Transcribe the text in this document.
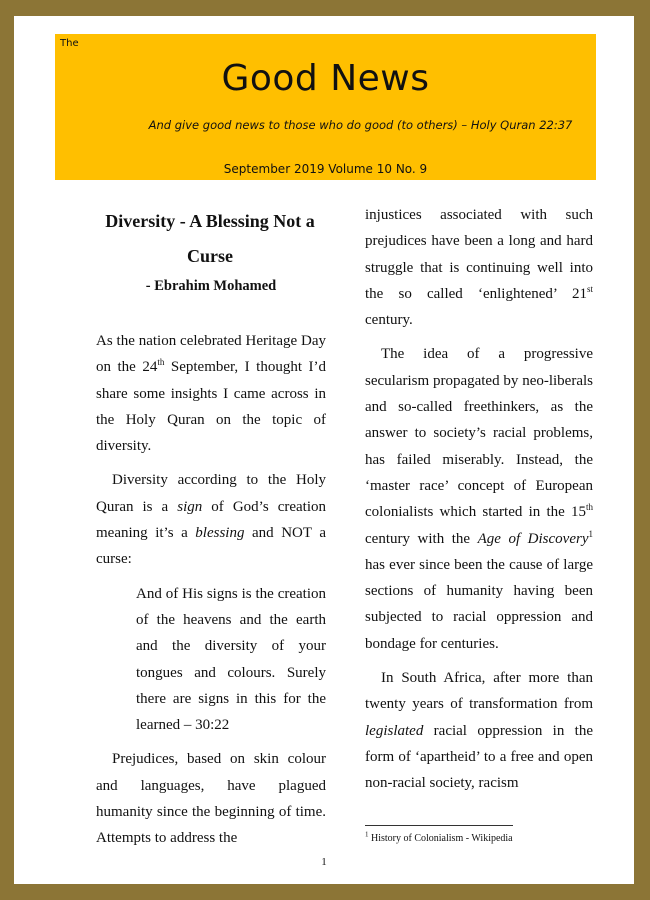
The
Good News
And give good news to those who do good (to others) – Holy Quran 22:37
September 2019 Volume 10 No. 9
Diversity - A Blessing Not a Curse
- Ebrahim Mohamed

As the nation celebrated Heritage Day on the 24th September, I thought I’d share some insights I came across in the Holy Quran on the topic of diversity.

Diversity according to the Holy Quran is a sign of God’s creation meaning it’s a blessing and NOT a curse:

And of His signs is the creation of the heavens and the earth and the diversity of your tongues and colours. Surely there are signs in this for the learned – 30:22

Prejudices, based on skin colour and languages, have plagued humanity since the beginning of time. Attempts to address the

injustices associated with such prejudices have been a long and hard struggle that is continuing well into the so called ‘enlightened’ 21st century.

The idea of a progressive secularism propagated by neo-liberals and so-called freethinkers, as the answer to society’s racial problems, has failed miserably. Instead, the ‘master race’ concept of European colonialists which started in the 15th century with the Age of Discovery$^1$ has ever since been the cause of large sections of humanity having been subjected to racial oppression and bondage for centuries.

In South Africa, after more than twenty years of transformation from legislated racial oppression in the form of ‘apartheid’ to a free and open non-racial society, racism

$^1$ History of Colonialism - Wikipedia
1
